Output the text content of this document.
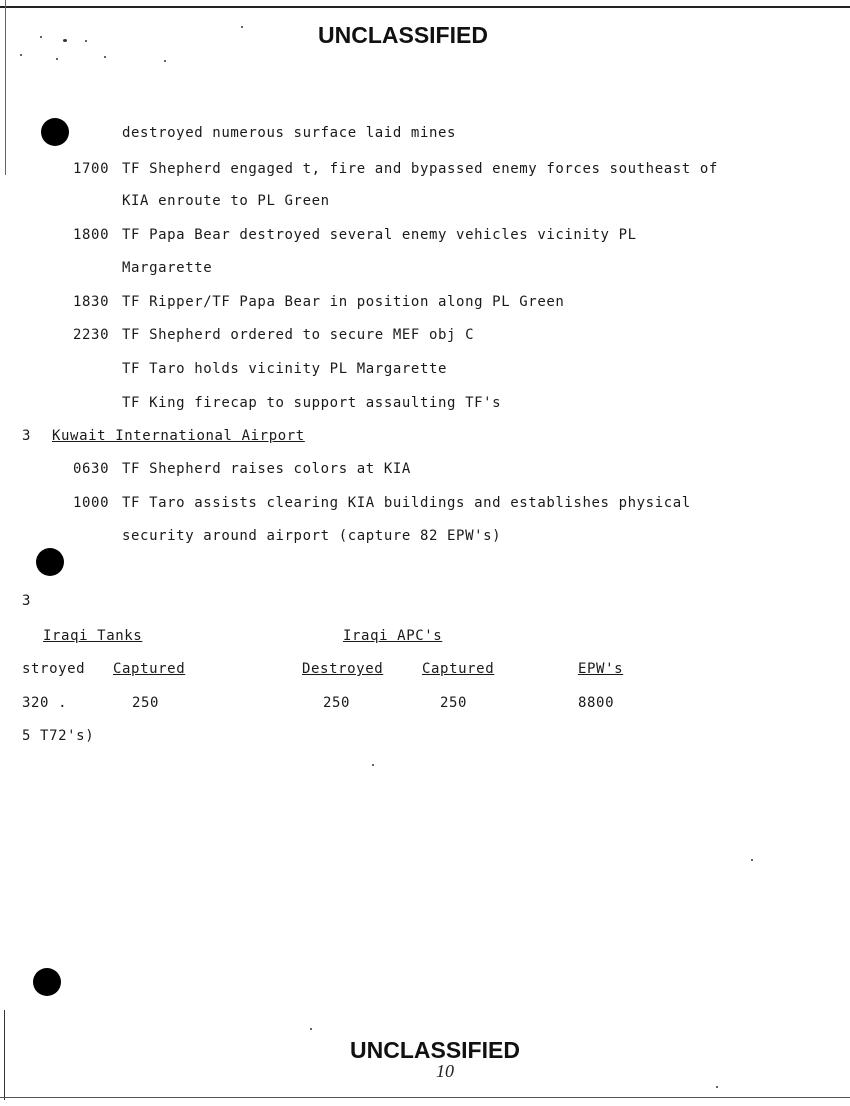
UNCLASSIFIED
destroyed numerous surface laid mines
1700 TF Shepherd engaged t, fire and bypassed enemy forces southeast of
KIA enroute to PL Green
1800 TF Papa Bear destroyed several enemy vehicles vicinity PL
Margarette
1830 TF Ripper/TF Papa Bear in position along PL Green
2230 TF Shepherd ordered to secure MEF obj C
TF Taro holds vicinity PL Margarette
TF King firecap to support assaulting TF's
3 Kuwait International Airport
0630 TF Shepherd raises colors at KIA
1000 TF Taro assists clearing KIA buildings and establishes physical
security around airport (capture 82 EPW's)
3
Iraqi Tanks	Iraqi APC's
stroyed Captured	Destroyed	Captured	EPW's
320 .	250	250	250	8800
5 T72's)
UNCLASSIFIED
10
